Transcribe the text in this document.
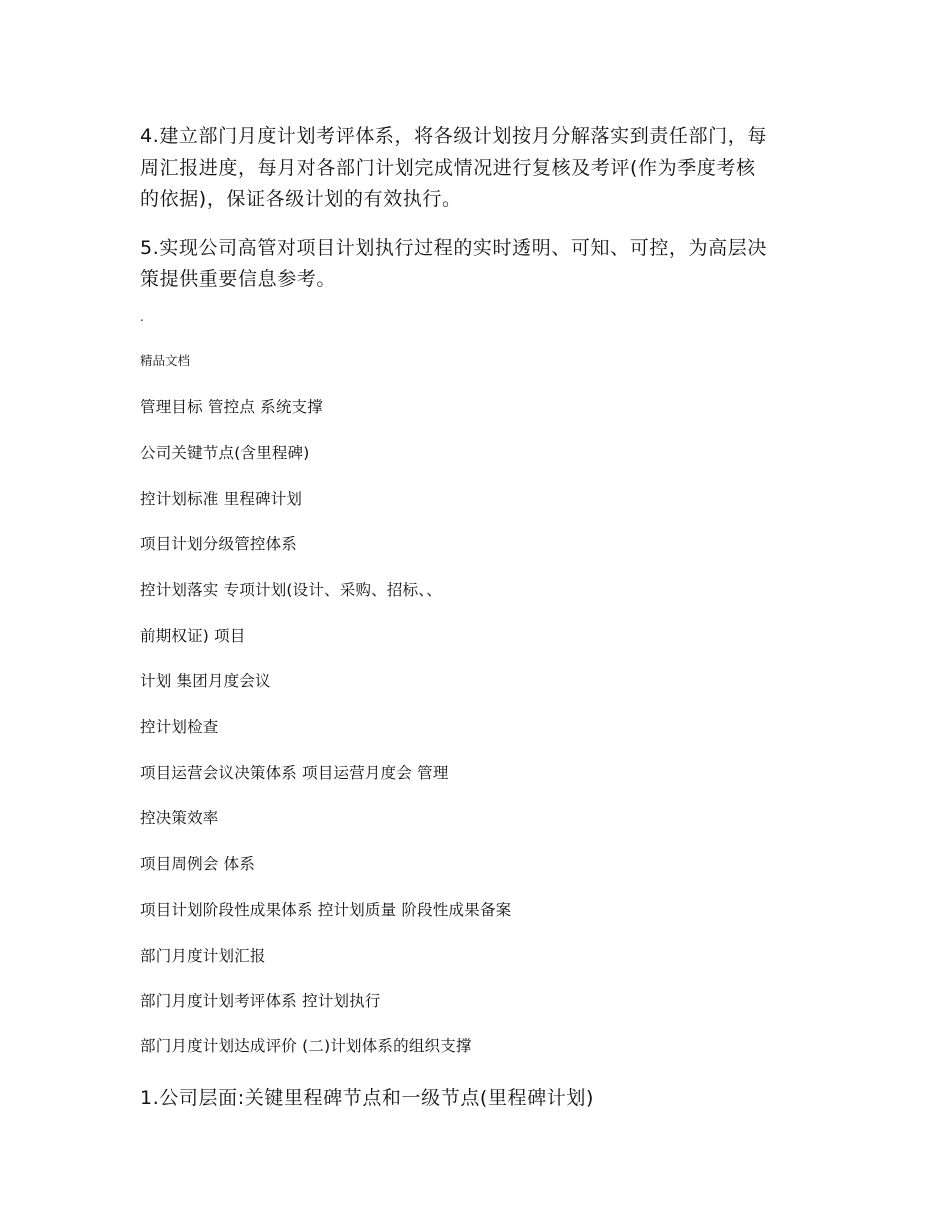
4.建立部门月度计划考评体系，将各级计划按月分解落实到责任部门，每

周汇报进度，每月对各部门计划完成情况进行复核及考评(作为季度考核

的依据)，保证各级计划的有效执行。

5.实现公司高管对项目计划执行过程的实时透明、可知、可控，为高层决

策提供重要信息参考。

.

精品文档

管理目标 管控点 系统支撑

公司关键节点(含里程碑)

控计划标准 里程碑计划

项目计划分级管控体系

控计划落实 专项计划(设计、采购、招标、、

前期权证) 项目

计划 集团月度会议

控计划检查

项目运营会议决策体系 项目运营月度会 管理

控决策效率

项目周例会 体系

项目计划阶段性成果体系 控计划质量 阶段性成果备案

部门月度计划汇报

部门月度计划考评体系 控计划执行

部门月度计划达成评价 (二)计划体系的组织支撑

1.公司层面:关键里程碑节点和一级节点(里程碑计划)
